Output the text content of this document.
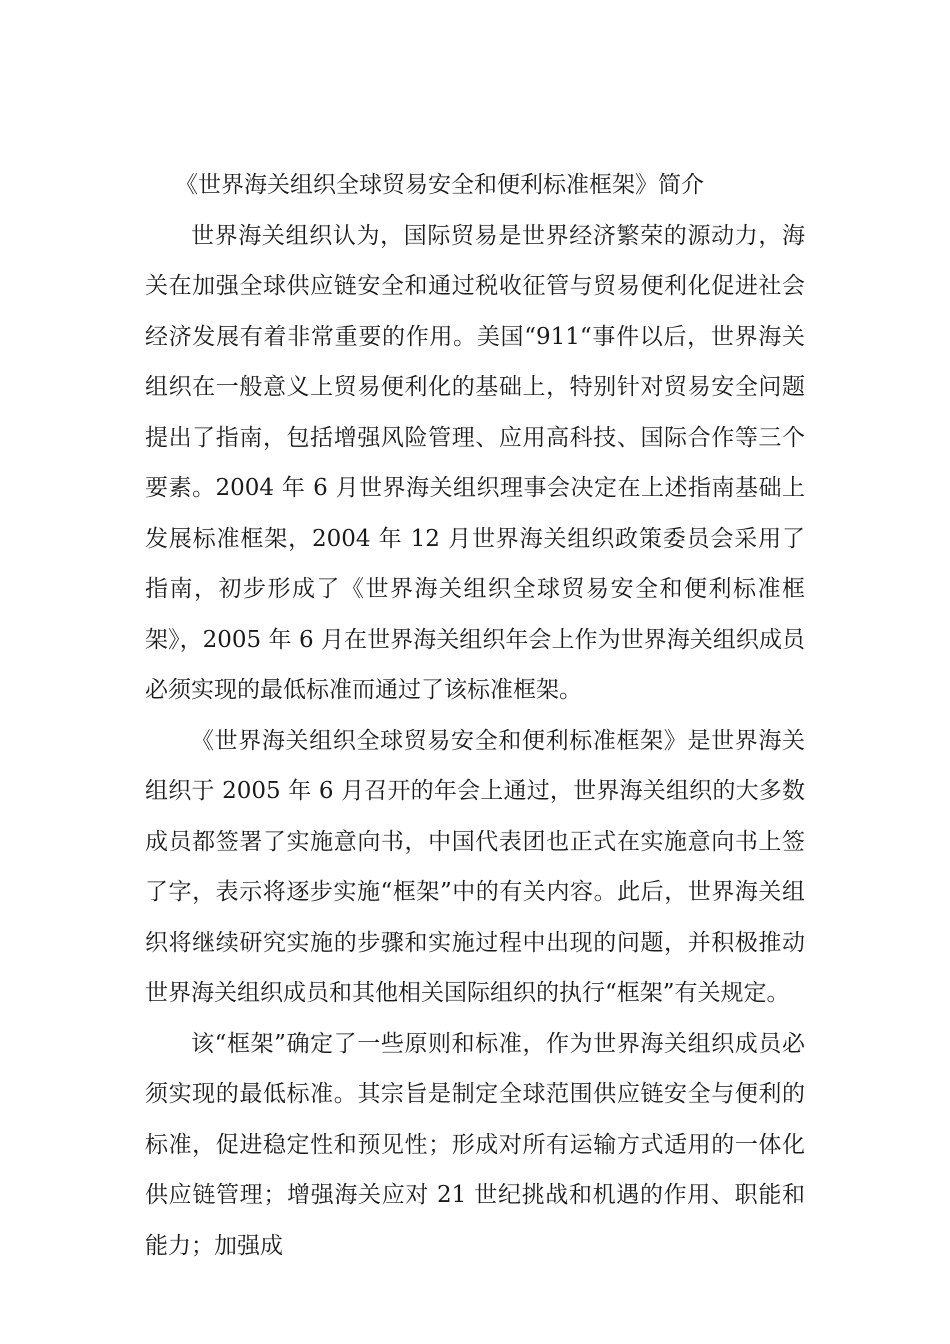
《世界海关组织全球贸易安全和便利标准框架》简介

世界海关组织认为，国际贸易是世界经济繁荣的源动力，海关在加强全球供应链安全和通过税收征管与贸易便利化促进社会经济发展有着非常重要的作用。美国“911“事件以后，世界海关组织在一般意义上贸易便利化的基础上，特别针对贸易安全问题提出了指南，包括增强风险管理、应用高科技、国际合作等三个要素。2004 年 6 月世界海关组织理事会决定在上述指南基础上发展标准框架，2004 年 12 月世界海关组织政策委员会采用了指南，初步形成了《世界海关组织全球贸易安全和便利标准框架》，2005 年 6 月在世界海关组织年会上作为世界海关组织成员必须实现的最低标准而通过了该标准框架。

《世界海关组织全球贸易安全和便利标准框架》是世界海关组织于 2005 年 6 月召开的年会上通过，世界海关组织的大多数成员都签署了实施意向书，中国代表团也正式在实施意向书上签了字，表示将逐步实施“框架”中的有关内容。此后，世界海关组织将继续研究实施的步骤和实施过程中出现的问题，并积极推动世界海关组织成员和其他相关国际组织的执行“框架”有关规定。

该“框架”确定了一些原则和标准，作为世界海关组织成员必须实现的最低标准。其宗旨是制定全球范围供应链安全与便利的标准，促进稳定性和预见性；形成对所有运输方式适用的一体化供应链管理；增强海关应对 21 世纪挑战和机遇的作用、职能和能力；加强成
